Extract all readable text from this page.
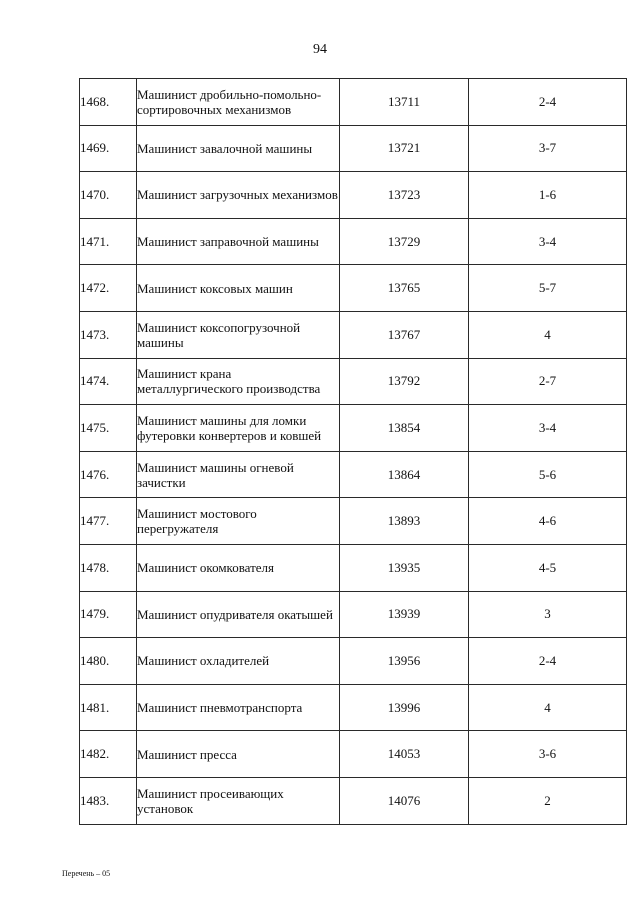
94
1468.	Машинист дробильно-помольно-сортировочных механизмов	13711	2-4
1469.	Машинист завалочной машины	13721	3-7
1470.	Машинист загрузочных механизмов	13723	1-6
1471.	Машинист заправочной машины	13729	3-4
1472.	Машинист коксовых машин	13765	5-7
1473.	Машинист коксопогрузочной машины	13767	4
1474.	Машинист крана металлургического производства	13792	2-7
1475.	Машинист машины для ломки футеровки конвертеров и ковшей	13854	3-4
1476.	Машинист машины огневой зачистки	13864	5-6
1477.	Машинист мостового перегружателя	13893	4-6
1478.	Машинист окомкователя	13935	4-5
1479.	Машинист опудривателя окатышей	13939	3
1480.	Машинист охладителей	13956	2-4
1481.	Машинист пневмотранспорта	13996	4
1482.	Машинист пресса	14053	3-6
1483.	Машинист просеивающих установок	14076	2
Перечень – 05
